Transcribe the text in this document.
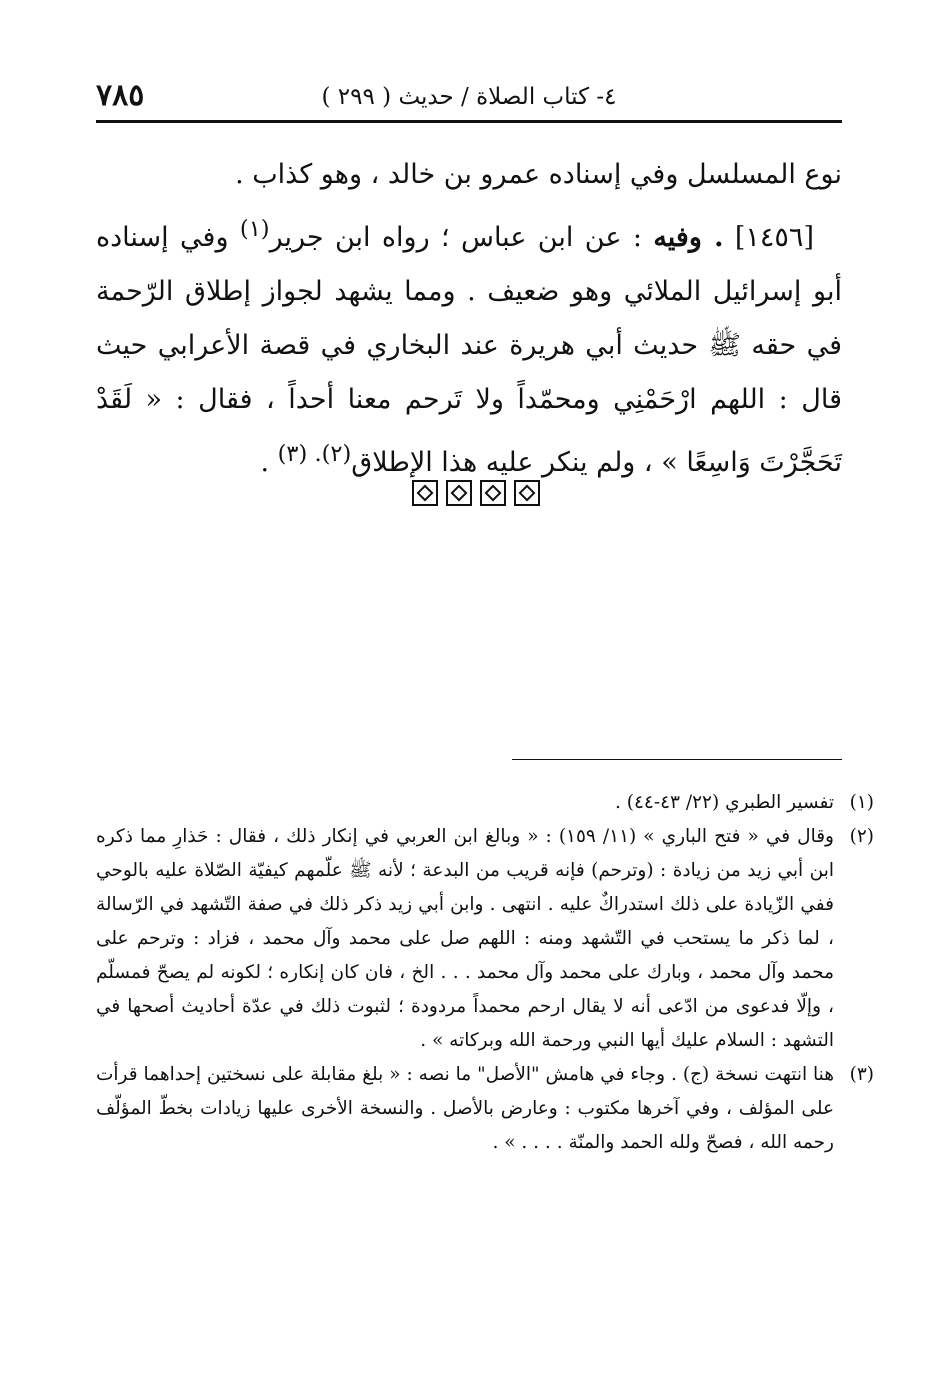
٧٨٥	٤- كتاب الصلاة / حديث ( ٢٩٩ )

نوع المسلسل وفي إسناده عمرو بن خالد ، وهو كذاب .

[١٤٥٦] . وفيه : عن ابن عباس ؛ رواه ابن جرير$^{(١)}$ وفي إسناده أبو إسرائيل الملائي وهو ضعيف . ومما يشهد لجواز إطلاق الرّحمة في حقه ﷺ حديث أبي هريرة عند البخاري في قصة الأعرابي حيث قال : اللهم ارْحَمْنِي ومحمّداً ولا تَرحم معنا أحداً ، فقال : « لَقَدْ تَحَجَّرْتَ وَاسِعًا » ، ولم ينكر عليه هذا الإطلاق$^{(٢). (٣)}$ .

(١)
تفسير الطبري (٢٢/ ٤٣-٤٤) .
(٢)
وقال في « فتح الباري » (١١/ ١٥٩) : « وبالغ ابن العربي في إنكار ذلك ، فقال : حَذارِ مما ذكره ابن أبي زيد من زيادة : (وترحم) فإنه قريب من البدعة ؛ لأنه ﷺ علّمهم كيفيّة الصّلاة عليه بالوحي ففي الزّيادة على ذلك استدراكٌ عليه . انتهى . وابن أبي زيد ذكر ذلك في صفة التّشهد في الرّسالة ، لما ذكر ما يستحب في التّشهد ومنه : اللهم صل على محمد وآل محمد ، فزاد : وترحم على محمد وآل محمد ، وبارك على محمد وآل محمد . . . الخ ، فان كان إنكاره ؛ لكونه لم يصحّ فمسلّم ، وإلّا فدعوى من ادّعى أنه لا يقال ارحم محمداً مردودة ؛ لثبوت ذلك في عدّة أحاديث أصحها في التشهد : السلام عليك أيها النبي ورحمة الله وبركاته » .
(٣)
هنا انتهت نسخة (ج) . وجاء في هامش "الأصل" ما نصه : « بلغ مقابلة على نسختين إحداهما قرأت على المؤلف ، وفي آخرها مكتوب : وعارض بالأصل . والنسخة الأخرى عليها زيادات بخطّ المؤلّف رحمه الله ، فصحّ ولله الحمد والمنّة . . . . » .
